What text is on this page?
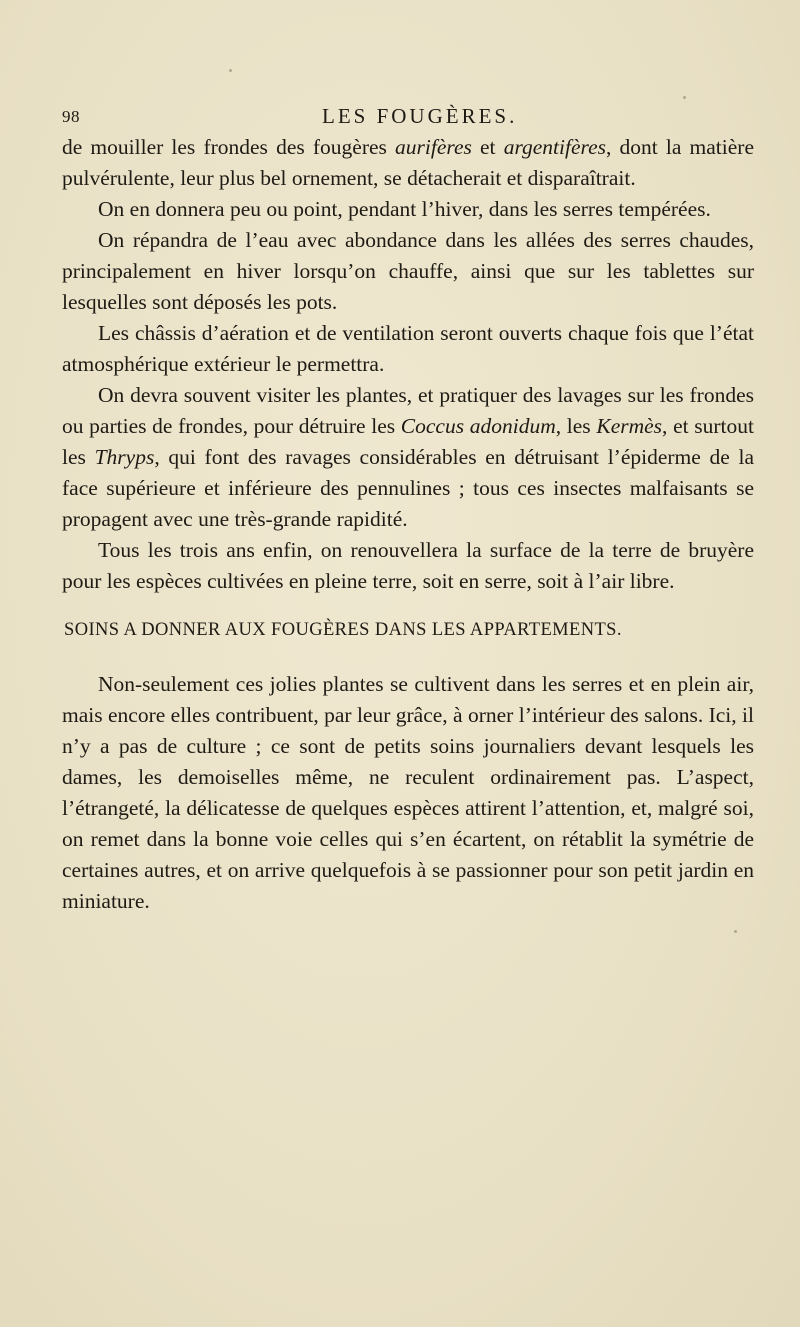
98	LES FOUGÈRES.

de mouiller les frondes des fougères aurifères et argentifères, dont la matière pulvérulente, leur plus bel ornement, se détacherait et disparaîtrait.

On en donnera peu ou point, pendant l’hiver, dans les serres tempérées.

On répandra de l’eau avec abondance dans les allées des serres chaudes, principalement en hiver lorsqu’on chauffe, ainsi que sur les tablettes sur lesquelles sont déposés les pots.

Les châssis d’aération et de ventilation seront ouverts chaque fois que l’état atmosphérique extérieur le permettra.

On devra souvent visiter les plantes, et pratiquer des lavages sur les frondes ou parties de frondes, pour détruire les Coccus adonidum, les Kermès, et surtout les Thryps, qui font des ravages considérables en détruisant l’épiderme de la face supérieure et inférieure des pennulines ; tous ces insectes malfaisants se propagent avec une très-grande rapidité.

Tous les trois ans enfin, on renouvellera la surface de la terre de bruyère pour les espèces cultivées en pleine terre, soit en serre, soit à l’air libre.

SOINS A DONNER AUX FOUGÈRES DANS LES APPARTEMENTS.

Non-seulement ces jolies plantes se cultivent dans les serres et en plein air, mais encore elles contribuent, par leur grâce, à orner l’intérieur des salons. Ici, il n’y a pas de culture ; ce sont de petits soins journaliers devant lesquels les dames, les demoiselles même, ne reculent ordinairement pas. L’aspect, l’étrangeté, la délicatesse de quelques espèces attirent l’attention, et, malgré soi, on remet dans la bonne voie celles qui s’en écartent, on rétablit la symétrie de certaines autres, et on arrive quelquefois à se passionner pour son petit jardin en miniature.
